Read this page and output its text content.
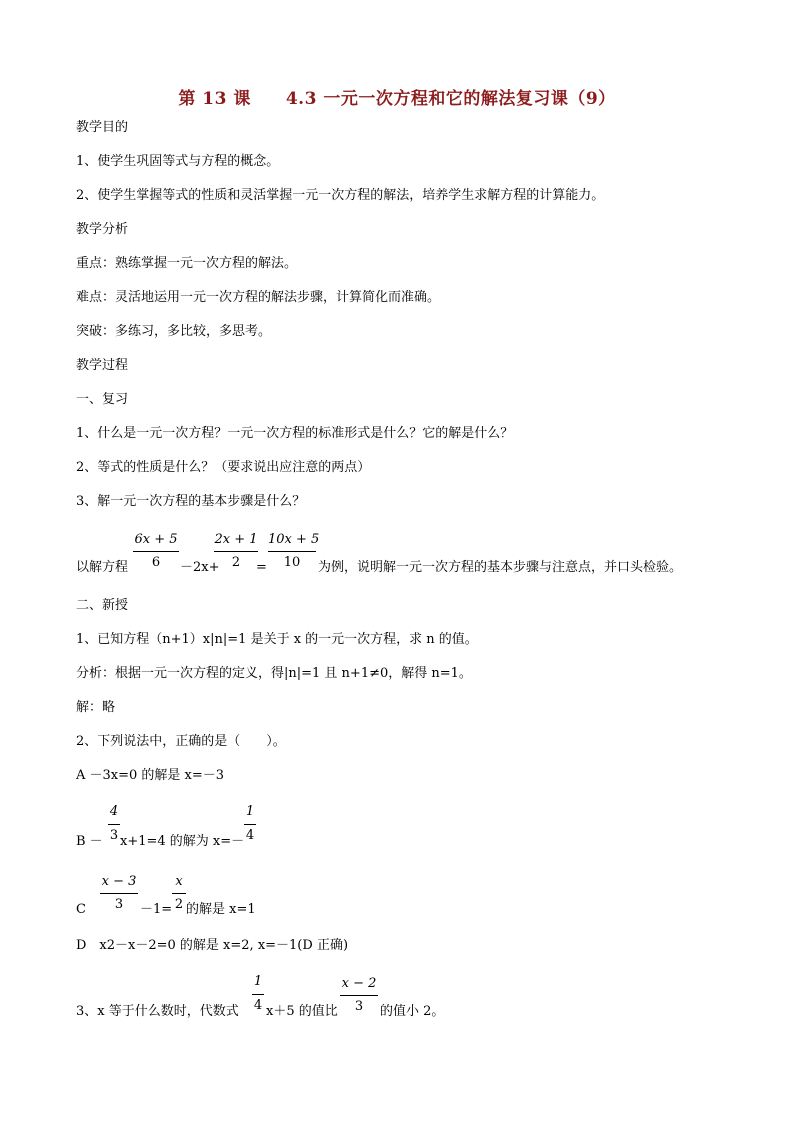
第 13 课　　4.3 一元一次方程和它的解法复习课（9）
教学目的
1、使学生巩固等式与方程的概念。
2、使学生掌握等式的性质和灵活掌握一元一次方程的解法，培养学生求解方程的计算能力。
教学分析
重点：熟练掌握一元一次方程的解法。
难点：灵活地运用一元一次方程的解法步骤，计算简化而准确。
突破：多练习，多比较，多思考。
教学过程
一、复习
1、什么是一元一次方程？一元一次方程的标准形式是什么？它的解是什么？
2、等式的性质是什么？（要求说出应注意的两点）
3、解一元一次方程的基本步骤是什么？
以解方程
6x + 5
6	－2x+
2x + 1
2	=
10x + 5
10	为例，说明解一元一次方程的基本步骤与注意点，并口头检验。
二、新授
1、已知方程（n+1）x|n|=1 是关于 x 的一元一次方程，求 n 的值。
分析：根据一元一次方程的定义，得|n|=1 且 n+1≠0，解得 n=1。
解：略
2、下列说法中，正确的是（　　）。
A －3x=0 的解是 x=－3
B －
4
3 x+1=4 的解为 x=－
1
4
C
x − 3
3	－1=
x
2 的解是 x=1
D　x2－x－2=0 的解是 x=2, x=－1(D 正确)
3、x 等于什么数时，代数式
1
4 x＋5 的值比
x − 2
3	的值小 2。
